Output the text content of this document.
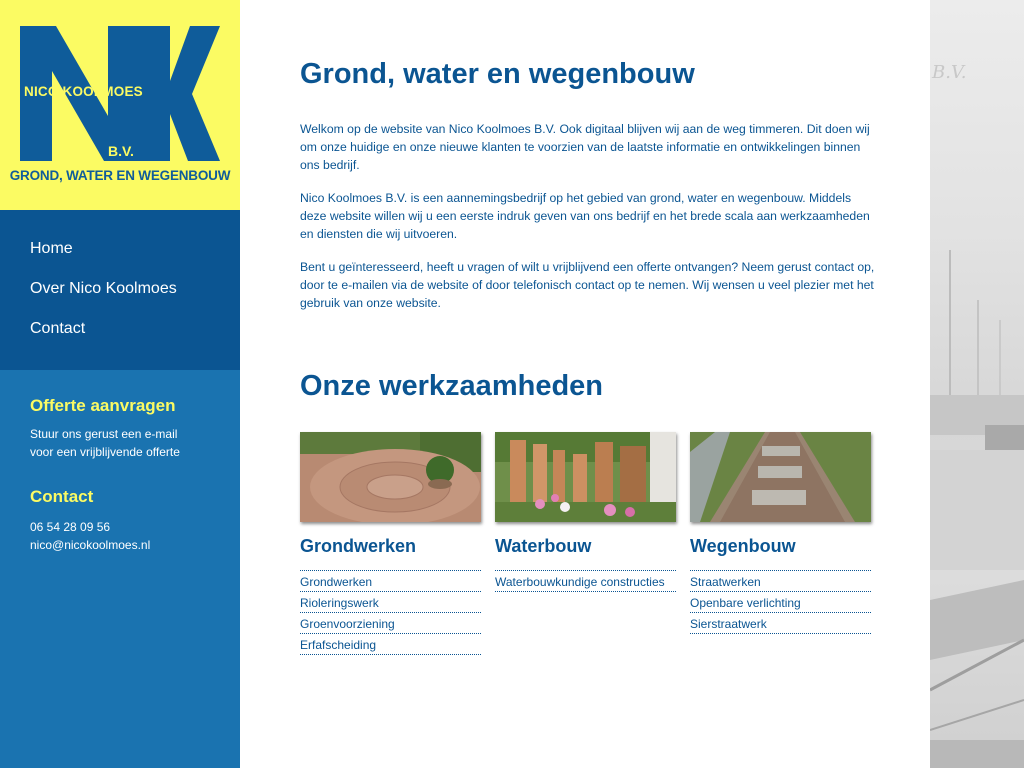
NICO KOOLMOES
B.V.
GROND, WATER EN WEGENBOUW
Home
Over Nico Koolmoes
Contact
Offerte aanvragen
Stuur ons gerust een e-mail
voor een vrijblijvende offerte
Contact
06 54 28 09 56
nico@nicokoolmoes.nl
B.V.
Grond, water en wegenbouw
Welkom op de website van Nico Koolmoes B.V. Ook digitaal blijven wij aan de weg timmeren. Dit doen wij
om onze huidige en onze nieuwe klanten te voorzien van de laatste informatie en ontwikkelingen binnen
ons bedrijf.
Nico Koolmoes B.V. is een aannemingsbedrijf op het gebied van grond, water en wegenbouw. Middels
deze website willen wij u een eerste indruk geven van ons bedrijf en het brede scala aan werkzaamheden
en diensten die wij uitvoeren.
Bent u geïnteresseerd, heeft u vragen of wilt u vrijblijvend een offerte ontvangen? Neem gerust contact op,
door te e-mailen via de website of door telefonisch contact op te nemen. Wij wensen u veel plezier met het
gebruik van onze website.
Onze werkzaamheden
Grondwerken
Grondwerken
Rioleringswerk
Groenvoorziening
Erfafscheiding
Waterbouw
Waterbouwkundige constructies
Wegenbouw
Straatwerken
Openbare verlichting
Sierstraatwerk
